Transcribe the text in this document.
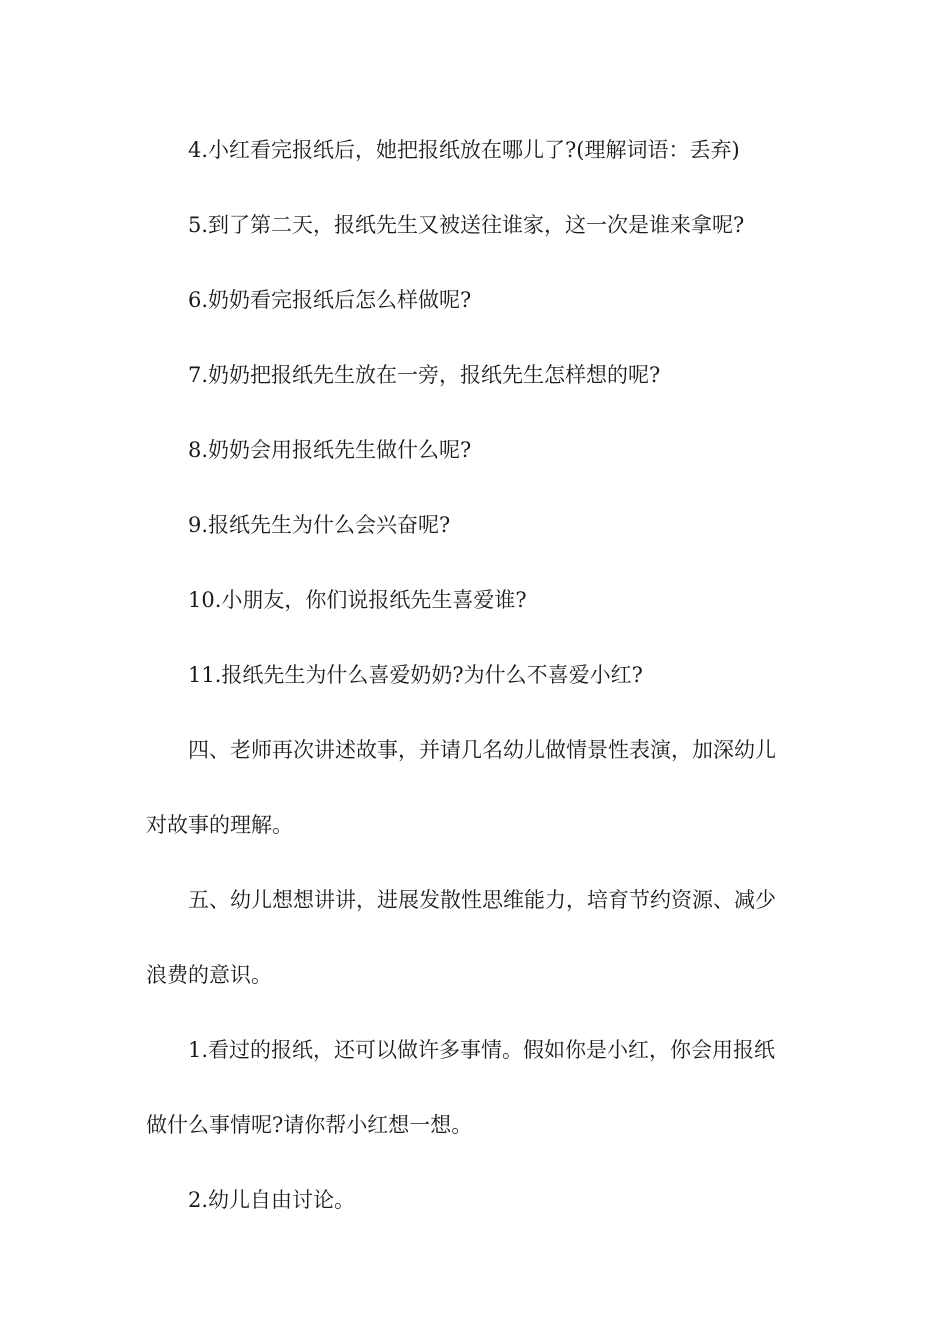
4.小红看完报纸后，她把报纸放在哪儿了?(理解词语：丢弃)

5.到了第二天，报纸先生又被送往谁家，这一次是谁来拿呢?

6.奶奶看完报纸后怎么样做呢?

7.奶奶把报纸先生放在一旁，报纸先生怎样想的呢?

8.奶奶会用报纸先生做什么呢?

9.报纸先生为什么会兴奋呢?

10.小朋友，你们说报纸先生喜爱谁?

11.报纸先生为什么喜爱奶奶?为什么不喜爱小红?

四、老师再次讲述故事，并请几名幼儿做情景性表演，加深幼儿对故事的理解。

五、幼儿想想讲讲，进展发散性思维能力，培育节约资源、减少浪费的意识。

1.看过的报纸，还可以做许多事情。假如你是小红，你会用报纸做什么事情呢?请你帮小红想一想。

2.幼儿自由讨论。
